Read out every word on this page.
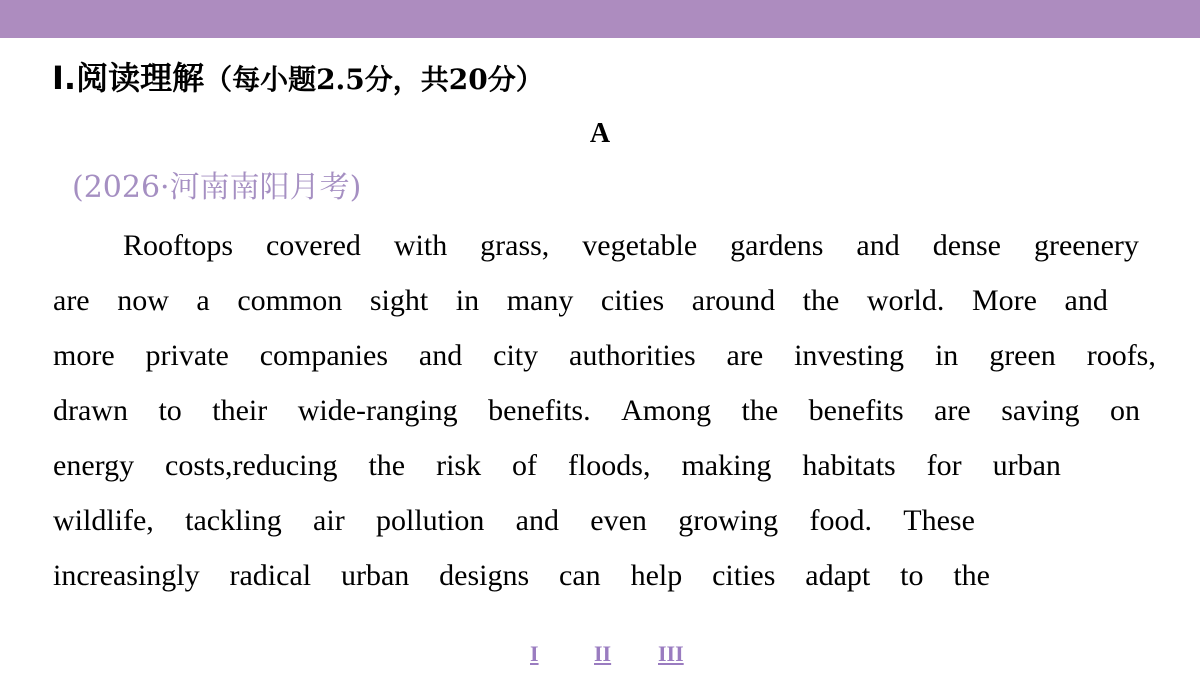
I.阅读理解（每小题2.5分，共20分）
A
(2026·河南南阳月考)
Rooftops covered with grass, vegetable gardens and dense greenery
are now a common sight in many cities around the world. More and
more private companies and city authorities are investing in green roofs,
drawn to their wide-ranging benefits. Among the benefits are saving on
energy costs,reducing the risk of floods, making habitats for urban
wildlife, tackling air pollution and even growing food. These
increasingly radical urban designs can help cities adapt to the
I	II III
